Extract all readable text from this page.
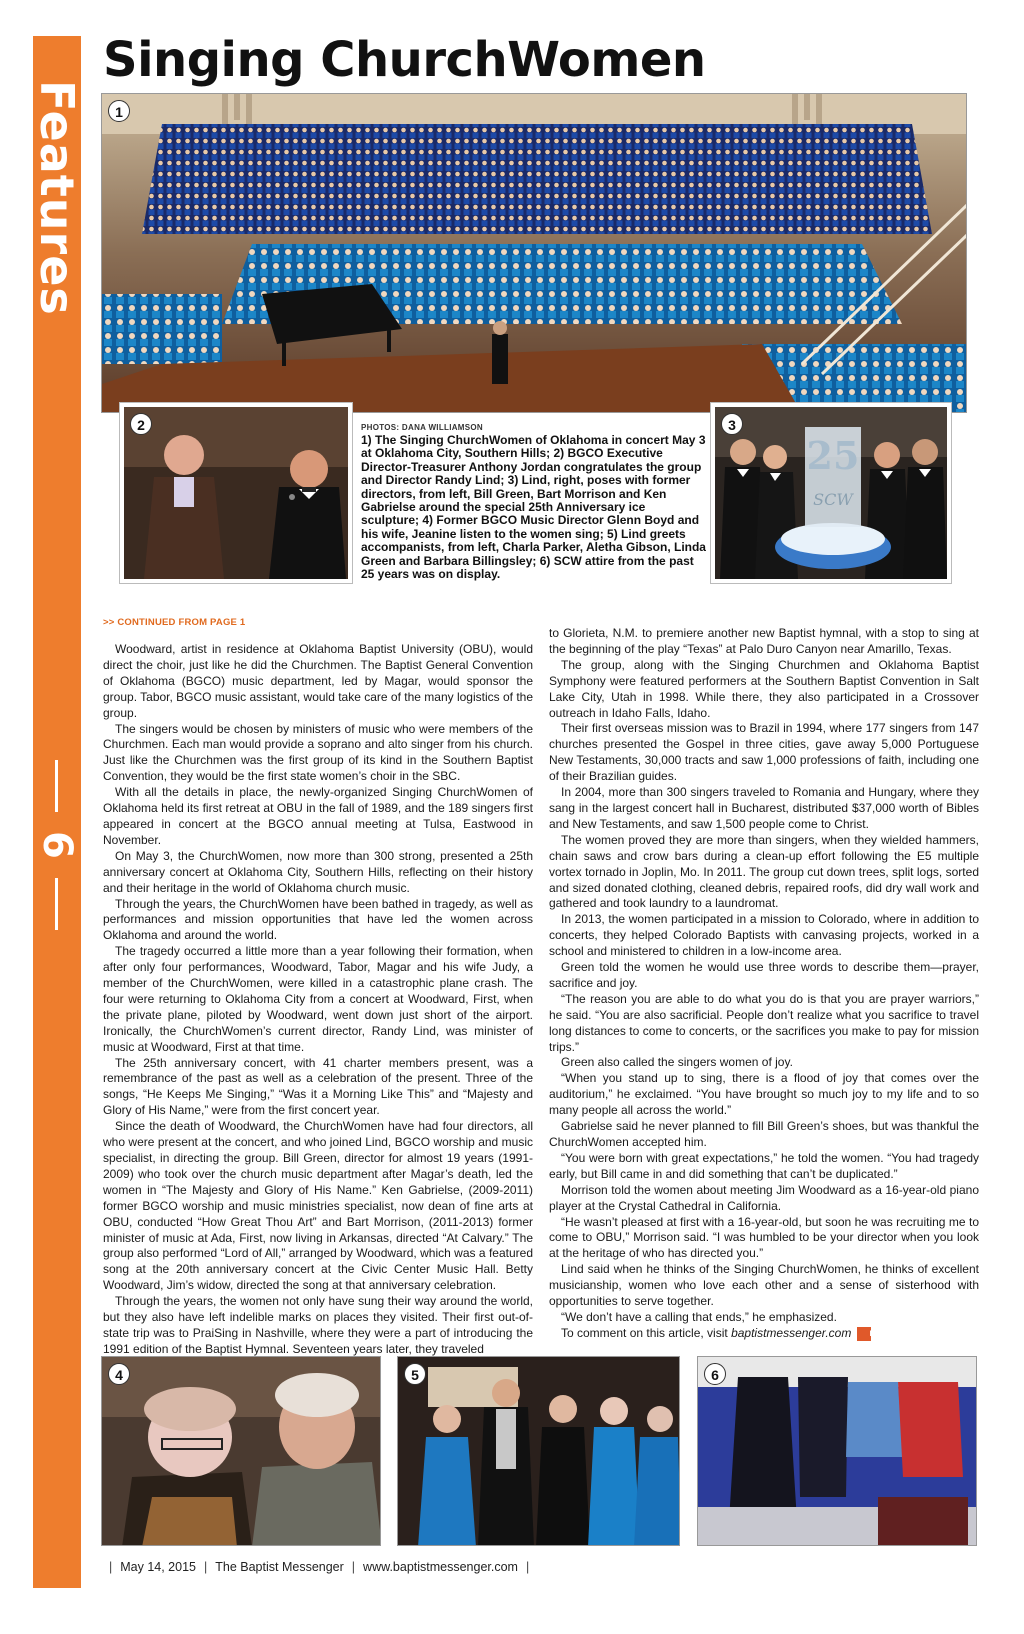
Features
6
Singing ChurchWomen
1
2	PHOTOS: DANA WILLIAMSON
1) The Singing ChurchWomen of Oklahoma in concert May 3 at Oklahoma City, Southern Hills; 2) BGCO Executive Director-Treasurer Anthony Jordan congratulates the group and Director Randy Lind; 3) Lind, right, poses with former directors, from left, Bill Green, Bart Morrison and Ken Gabrielse around the special 25th Anniversary ice sculpture; 4) Former BGCO Music Director Glenn Boyd and his wife, Jeanine listen to the women sing; 5) Lind greets accompanists, from left, Charla Parker, Aletha Gibson, Linda Green and Barbara Billingsley; 6) SCW attire from the past 25 years was on display.
25
SCW
3
>> CONTINUED FROM PAGE 1

Woodward, artist in residence at Oklahoma Baptist University (OBU), would direct the choir, just like he did the Churchmen. The Baptist General Convention of Oklahoma (BGCO) music department, led by Magar, would sponsor the group. Tabor, BGCO music assistant, would take care of the many logistics of the group.

The singers would be chosen by ministers of music who were members of the Churchmen. Each man would provide a soprano and alto singer from his church. Just like the Churchmen was the first group of its kind in the Southern Baptist Convention, they would be the first state women’s choir in the SBC.

With all the details in place, the newly-organized Singing ChurchWomen of Oklahoma held its first retreat at OBU in the fall of 1989, and the 189 singers first appeared in concert at the BGCO annual meeting at Tulsa, Eastwood in November.

On May 3, the ChurchWomen, now more than 300 strong, presented a 25th anniversary concert at Oklahoma City, Southern Hills, reflecting on their history and their heritage in the world of Oklahoma church music.

Through the years, the ChurchWomen have been bathed in tragedy, as well as performances and mission opportunities that have led the women across Oklahoma and around the world.

The tragedy occurred a little more than a year following their formation, when after only four performances, Woodward, Tabor, Magar and his wife Judy, a member of the ChurchWomen, were killed in a catastrophic plane crash. The four were returning to Oklahoma City from a concert at Woodward, First, when the private plane, piloted by Woodward, went down just short of the airport. Ironically, the ChurchWomen’s current director, Randy Lind, was minister of music at Woodward, First at that time.

The 25th anniversary concert, with 41 charter members present, was a remembrance of the past as well as a celebration of the present. Three of the songs, “He Keeps Me Singing,” “Was it a Morning Like This” and “Majesty and Glory of His Name,” were from the first concert year.

Since the death of Woodward, the ChurchWomen have had four directors, all who were present at the concert, and who joined Lind, BGCO worship and music specialist, in directing the group. Bill Green, director for almost 19 years (1991-2009) who took over the church music department after Magar’s death, led the women in “The Majesty and Glory of His Name.” Ken Gabrielse, (2009-2011) former BGCO worship and music ministries specialist, now dean of fine arts at OBU, conducted “How Great Thou Art” and Bart Morrison, (2011-2013) former minister of music at Ada, First, now living in Arkansas, directed “At Calvary.” The group also performed “Lord of All,” arranged by Woodward, which was a featured song at the 20th anniversary concert at the Civic Center Music Hall. Betty Woodward, Jim’s widow, directed the song at that anniversary celebration.

Through the years, the women not only have sung their way around the world, but they also have left indelible marks on places they visited. Their first out-of-state trip was to PraiSing in Nashville, where they were a part of introducing the 1991 edition of the Baptist Hymnal. Seventeen years later, they traveled

to Glorieta, N.M. to premiere another new Baptist hymnal, with a stop to sing at the beginning of the play “Texas” at Palo Duro Canyon near Amarillo, Texas.

The group, along with the Singing Churchmen and Oklahoma Baptist Symphony were featured performers at the Southern Baptist Convention in Salt Lake City, Utah in 1998. While there, they also participated in a Crossover outreach in Idaho Falls, Idaho.

Their first overseas mission was to Brazil in 1994, where 177 singers from 147 churches presented the Gospel in three cities, gave away 5,000 Portuguese New Testaments, 30,000 tracts and saw 1,000 professions of faith, including one of their Brazilian guides.

In 2004, more than 300 singers traveled to Romania and Hungary, where they sang in the largest concert hall in Bucharest, distributed $37,000 worth of Bibles and New Testaments, and saw 1,500 people come to Christ.

The women proved they are more than singers, when they wielded hammers, chain saws and crow bars during a clean-up effort following the E5 multiple vortex tornado in Joplin, Mo. In 2011. The group cut down trees, split logs, sorted and sized donated clothing, cleaned debris, repaired roofs, did dry wall work and gathered and took laundry to a laundromat.

In 2013, the women participated in a mission to Colorado, where in addition to concerts, they helped Colorado Baptists with canvasing projects, worked in a school and ministered to children in a low-income area.

Green told the women he would use three words to describe them—prayer, sacrifice and joy.

“The reason you are able to do what you do is that you are prayer warriors,” he said. “You are also sacrificial. People don’t realize what you sacrifice to travel long distances to come to concerts, or the sacrifices you make to pay for mission trips.”

Green also called the singers women of joy.

“When you stand up to sing, there is a flood of joy that comes over the auditorium,” he exclaimed. “You have brought so much joy to my life and to so many people all across the world.”

Gabrielse said he never planned to fill Bill Green’s shoes, but was thankful the ChurchWomen accepted him.

“You were born with great expectations,” he told the women. “You had tragedy early, but Bill came in and did something that can’t be duplicated.”

Morrison told the women about meeting Jim Woodward as a 16-year-old piano player at the Crystal Cathedral in California.

“He wasn’t pleased at first with a 16-year-old, but soon he was recruiting me to come to OBU,” Morrison said. “I was humbled to be your director when you look at the heritage of who has directed you.”

Lind said when he thinks of the Singing ChurchWomen, he thinks of excellent musicianship, women who love each other and a sense of sisterhood with opportunities to serve together.

“We don’t have a calling that ends,” he emphasized.

To comment on this article, visit baptistmessenger.com m

4	5	6
| May 14, 2015 | The Baptist Messenger | www.baptistmessenger.com |
